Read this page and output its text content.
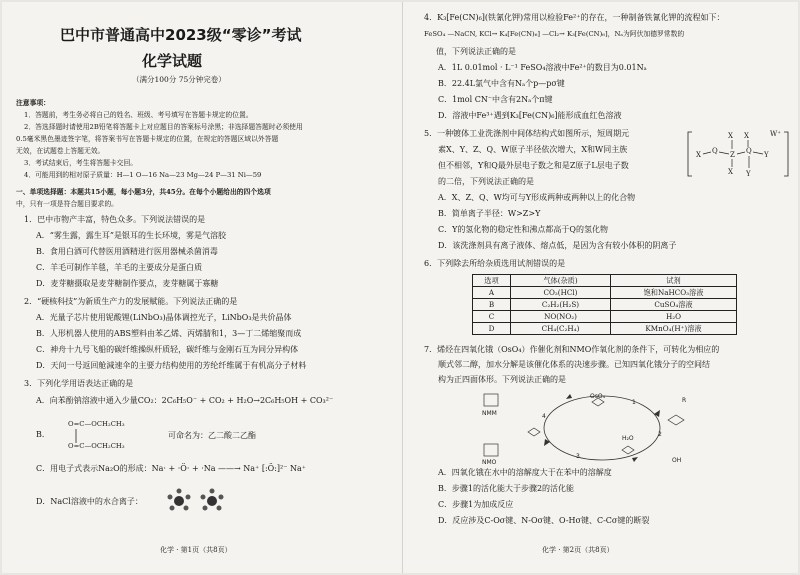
巴中市普通高中2023级“零诊”考试
化学试题
（满分100分 75分钟完卷）
注意事项：
1．答题前，考生务必将自己的姓名、班级、考号填写在答题卡规定的位置。
2．答选择题时请使用2B铅笔将答题卡上对应题目的答案标号涂黑；非选择题答题时必须使用
0.5毫米黑色墨迹签字笔，将答案书写在答题卡规定的位置，在规定的答题区域以外答题
无效，在试题卷上答题无效。
3．考试结束后，考生将答题卡交回。
4．可能用到的相对原子质量：H—1 O—16 Na—23 Mg—24 P—31 Ni—59
一、单项选择题：本题共15小题，每小题3分，共45分。在每个小题给出的四个选项
中，只有一项是符合题目要求的。
1．巴中市物产丰富，特色众多。下列说法错误的是
A．“雾生露，露生耳”是银耳的生长环境，雾是气溶胶
B．食用白酒可代替医用酒精进行医用器械杀菌消毒
C．羊毛可制作羊毯，羊毛的主要成分是蛋白质
D．麦芽糖摄取是麦芽糖制作要点，麦芽糖属于寡糖
2．“硬核科技”为新质生产力的发展赋能。下列说法正确的是
A．光量子芯片使用铌酸锂(LiNbO₃)晶体调控光子，LiNbO₃是共价晶体
B．人形机器人使用的ABS塑料由苯乙烯、丙烯腈和1，3—丁二烯缩聚而成
C．神舟十九号飞船的碳纤维操纵杆质轻，碳纤维与金刚石互为同分异构体
D．天问一号返回舱減速伞的主要力结构使用的芳纶纤维属于有机高分子材料
3．下列化学用语表达正确的是
A．向苯酚钠溶液中通入少量CO₂：2C₆H₅O⁻ + CO₂ + H₂O→2C₆H₅OH + CO₃²⁻
B．
O=C—OCH₂CH₃
O=C—OCH₂CH₃
可命名为：乙二酸二乙酯
C．用电子式表示Na₂O的形成：Na· + ·Ö· + ·Na ——→ Na⁺ [:Ö:]²⁻ Na⁺
D．NaCl溶液中的水合离子：
化学 · 第1页（共8页）
4．K₃[Fe(CN)₆](铁氰化钾)常用以检验Fe²⁺的存在，一种制备铁氰化钾的流程如下：
FeSO₄ —NaCN, KCl→ K₄[Fe(CN)₆] —Cl₂→ K₃[Fe(CN)₆]，Nₐ为阿伏加德罗常数的
值，下列说法正确的是
A．1L 0.01mol · L⁻¹ FeSO₄溶液中Fe²⁺的数目为0.01Nₐ
B．22.4L氯气中含有Nₐ个p—pσ键
C．1mol CN⁻中含有2Nₐ个π键
D．溶液中Fe³⁺遇到K₃[Fe(CN)₆]能形成血红色溶液
5．一种镀体工业洗涤剂中间体结构式如图所示，短周期元
素X、Y、Z、Q、W原子半径依次增大，X和W同主族
但不相邻，Y和Q最外层电子数之和是Z原子L层电子数
的二倍，下列说法正确的是
X Q Z Q Y
X
X
X
Y
W⁺
A．X、Z、Q、W均可与Y形成两种或两种以上的化合物
B．简单离子半径：W>Z>Y
C．Y的氢化物的稳定性和沸点都高于Q的氢化物
D．该洗涤剂具有离子液体、熔点低，是因为含有较小体积的阴离子
6．下列除去所给杂质选用试剂错误的是
选项	气体(杂质)	试剂
A	CO₂(HCl)	饱和NaHCO₃溶液
B	C₂H₂(H₂S)	CuSO₄溶液
C	NO(NO₂)	H₂O
D	CH₄(C₂H₄)	KMnO₄(H⁺)溶液
7．烯烃在四氧化锇（OsO₄）作催化剂和NMO作氧化剂的条件下，可转化为相应的
顺式邻二醇，加水分解是该催化体系的决速步骤。已知四氧化锇分子的空间结
构为正四面体形。下列说法正确的是
NMM
NMO
OsO₄
H₂O
1
2
3
4
R
OH
A．四氧化锇在水中的溶解度大于在苯中的溶解度
B．步骤1的活化能大于步骤2的活化能
C．步骤1为加成反应
D．反应涉及C-Oσ键、N-Oσ键、O-Hσ键、C-Cσ键的断裂
化学 · 第2页（共8页）
